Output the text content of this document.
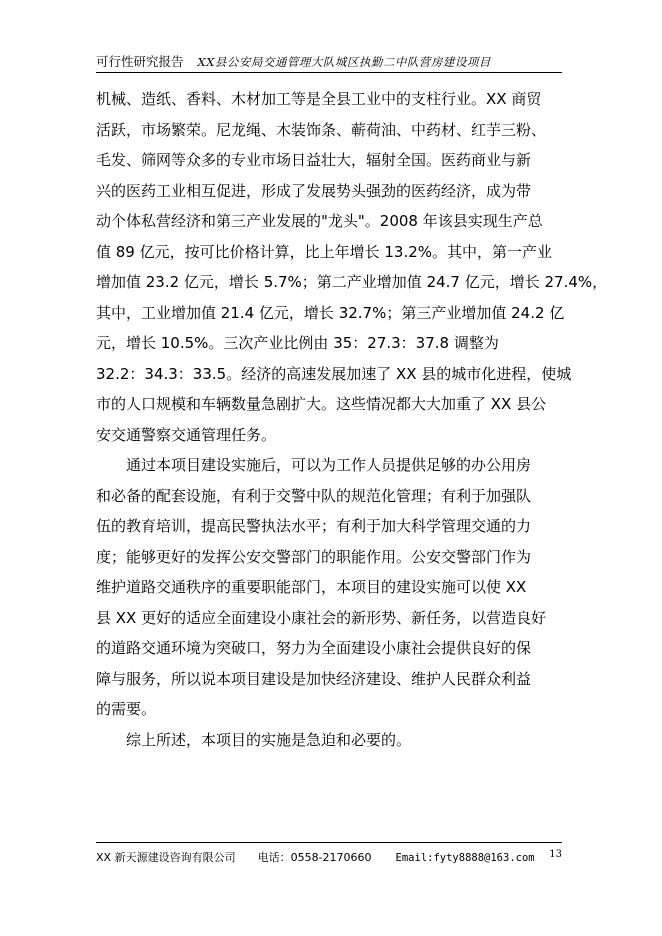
可行性研究报告 XX县公安局交通管理大队城区执勤二中队营房建设项目
机械、造纸、香料、木材加工等是全县工业中的支柱行业。XX 商贸
活跃，市场繁荣。尼龙绳、木装饰条、蕲荷油、中药材、红芋三粉、
毛发、筛网等众多的专业市场日益壮大，辐射全国。医药商业与新
兴的医药工业相互促进，形成了发展势头强劲的医药经济，成为带
动个体私营经济和第三产业发展的"龙头"。2008 年该县实现生产总
值 89 亿元，按可比价格计算，比上年增长 13.2%。其中，第一产业
增加值 23.2 亿元，增长 5.7%；第二产业增加值 24.7 亿元，增长 27.4%，
其中，工业增加值 21.4 亿元，增长 32.7%；第三产业增加值 24.2 亿
元，增长 10.5%。三次产业比例由 35：27.3：37.8 调整为
32.2：34.3：33.5。经济的高速发展加速了 XX 县的城市化进程，使城
市的人口规模和车辆数量急剧扩大。这些情况都大大加重了 XX 县公
安交通警察交通管理任务。
通过本项目建设实施后，可以为工作人员提供足够的办公用房
和必备的配套设施，有利于交警中队的规范化管理；有利于加强队
伍的教育培训，提高民警执法水平；有利于加大科学管理交通的力
度；能够更好的发挥公安交警部门的职能作用。公安交警部门作为
维护道路交通秩序的重要职能部门，本项目的建设实施可以使 XX
县 XX 更好的适应全面建设小康社会的新形势、新任务，以营造良好
的道路交通环境为突破口，努力为全面建设小康社会提供良好的保
障与服务，所以说本项目建设是加快经济建设、维护人民群众利益
的需要。
综上所述，本项目的实施是急迫和必要的。
XX 新天源建设咨询有限公司 电话：0558-2170660 Email:fyty8888@163.com 13
